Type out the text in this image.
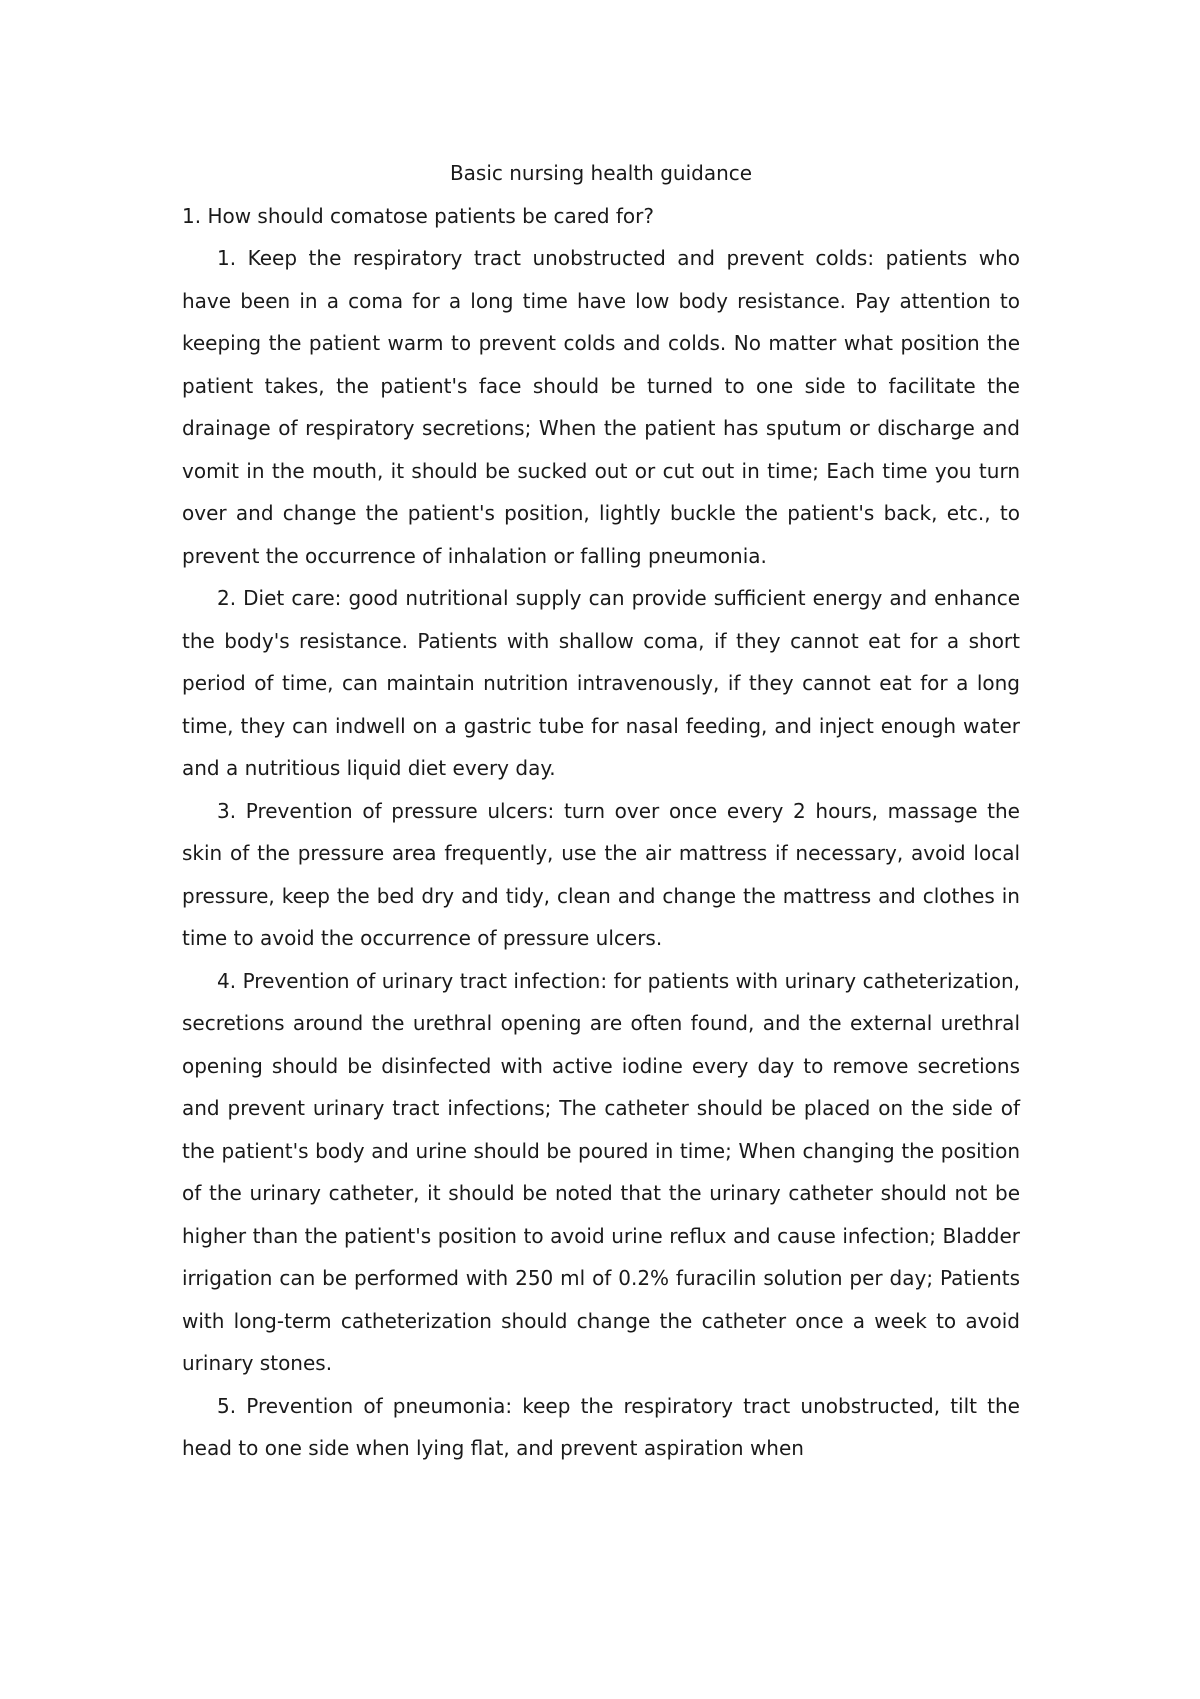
Basic nursing health guidance

1. How should comatose patients be cared for?

1. Keep the respiratory tract unobstructed and prevent colds: patients who have been in a coma for a long time have low body resistance. Pay attention to keeping the patient warm to prevent colds and colds. No matter what position the patient takes, the patient's face should be turned to one side to facilitate the drainage of respiratory secretions; When the patient has sputum or discharge and vomit in the mouth, it should be sucked out or cut out in time; Each time you turn over and change the patient's position, lightly buckle the patient's back, etc., to prevent the occurrence of inhalation or falling pneumonia.

2. Diet care: good nutritional supply can provide sufficient energy and enhance the body's resistance. Patients with shallow coma, if they cannot eat for a short period of time, can maintain nutrition intravenously, if they cannot eat for a long time, they can indwell on a gastric tube for nasal feeding, and inject enough water and a nutritious liquid diet every day.

3. Prevention of pressure ulcers: turn over once every 2 hours, massage the skin of the pressure area frequently, use the air mattress if necessary, avoid local pressure, keep the bed dry and tidy, clean and change the mattress and clothes in time to avoid the occurrence of pressure ulcers.

4. Prevention of urinary tract infection: for patients with urinary catheterization, secretions around the urethral opening are often found, and the external urethral opening should be disinfected with active iodine every day to remove secretions and prevent urinary tract infections; The catheter should be placed on the side of the patient's body and urine should be poured in time; When changing the position of the urinary catheter, it should be noted that the urinary catheter should not be higher than the patient's position to avoid urine reflux and cause infection; Bladder irrigation can be performed with 250 ml of 0.2% furacilin solution per day; Patients with long-term catheterization should change the catheter once a week to avoid urinary stones.

5. Prevention of pneumonia: keep the respiratory tract unobstructed, tilt the head to one side when lying flat, and prevent aspiration when
